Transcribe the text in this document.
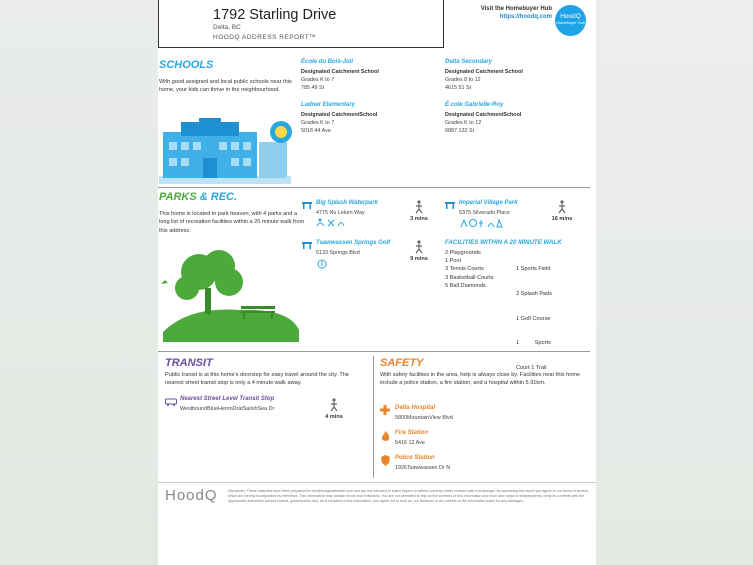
1792 Starling Drive
Delta, BC
HOODQ ADDRESS REPORT™
Visit the Homebuyer Hub
https://hoodq.com	HoodQ
Homebuyer Hub
SCHOOLS
With good assigned and local public schools near this home, your kids can thrive in the neighbourhood.
École du Bois-Joli
Designated Catchment School
Grades K to 7
785 49 St
Delta Secondary
Designated Catchment School
Grades 8 to 12
4615 51 St
Ladner Elementary
Designated CatchmentSchool
Grades K to 7
5016 44 Ave
É cole Gabrielle-Roy
Designated CatchmentSchool
Grades K to 12
6887 132 St
PARKS & REC.
This home is located in park heaven, with 4 parks and a long list of recreation facilities within a 20 minute walk from this address.
Big Splash Waterpark
4775 Nu Lelum Way
3 mins
Imperial Village Park
5375 Silverado Place
16 mins
Tsawwassen Springs Golf
5133 Springs Blvd
9 mins
FACILITIES WITHIN A 20 MINUTE WALK
2 Playgrounds
1 Pool
3 Tennis Courts
3 Basketball Courts
5 Ball Diamonds

1 Sports Field

3 Splash Pads

1 Golf Course

1          Sports

Court 1 Trail

TRANSIT
Public transit is at this home's doorstep for easy travel around the city. The nearest street transit stop is only a 4 minute walk away.
Nearest Street Level Transit Stop
WestboundBlueHeronDratSalishSea Dr
4 mins
SAFETY
With safety facilities in the area, help is always close by. Facilities near this home include a police station, a fire station, and a hospital within 5.91km.
Delta Hospital
5800MountainView Blvd
Fire Station
5416 12 Ave
Police Station
1926Tsawwassen Dr N
HoodQ	Disclaimer: These materials have been prepared for info@hoogreatestate.com and are not intended to solicit buyers or sellers currently under contract with a brokerage. By accessing this report you agree to our terms of service, which are hereby incorporated by reference. This information may contain errors and omissions. You are not permitted to rely on the contents of this information and must take steps to independently verify its contents with the appropriate authorities (school boards, governments etc). As a recipient of this information, you agree not to hold us, our licensors or the owners of the information liable for any damages.
